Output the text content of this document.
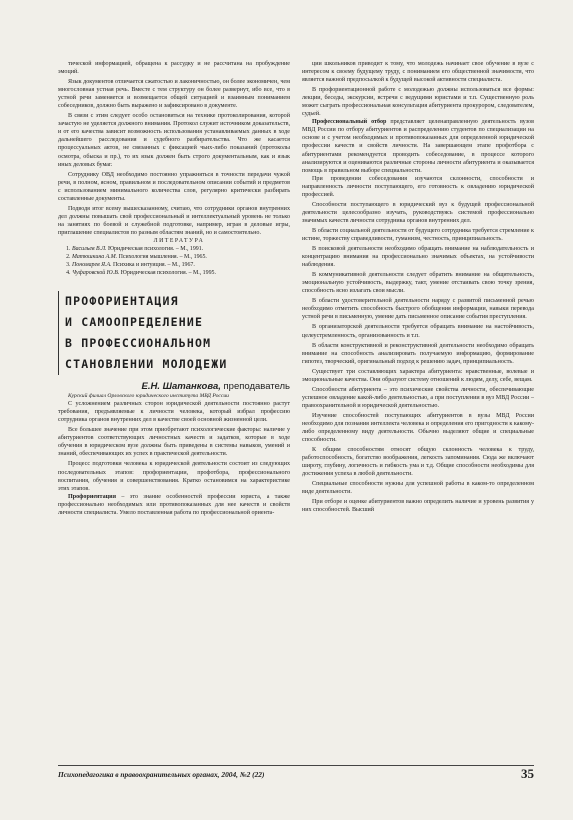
тической информацией, обращена к рассудку и не рассчитана на пробуждение эмоций.

Язык документов отличается сжатостью и лаконичностью, он более экономичен, чем многословная устная речь. Вместе с тем структуру он более развернут, ибо все, что в устной речи заменяется и возмещается общей ситуацией и взаимным пониманием собеседников, должно быть выражено и зафиксировано в документе.

В связи с этим следует особо остановиться на технике протоколирования, которой зачастую не уделяется должного внимания. Протокол служит источником доказательств, и от его качества зависит возможность использования устанавливаемых данных в ходе дальнейшего расследования и судебного разбирательства. Что же касается процессуальных актов, не связанных с фиксацией чьих-либо показаний (протоколы осмотра, обыска и пр.), то их язык должен быть строго документальным, как и язык иных деловых бумаг.

Сотруднику ОВД необходимо постоянно упражняться в точности передачи чужой речи, в полном, ясном, правильном и последовательном описании событий и предметов с использованием минимального количества слов, регулярно критически разбирать составленные документы.

Подводя итог всему вышесказанному, считаю, что сотрудники органов внутренних дел должны повышать свой профессиональный и интеллектуальный уровень не только на занятиях по боевой и служебной подготовке, например, играя в деловые игры, приглашение специалистов по разным областям знаний, но и самостоятельно.

ЛИТЕРАТУРА

1. Васильев В.Л. Юридическая психология. – М., 1991.
2. Матюшкина А.М. Психология мышления. – М., 1965.
3. Пономарев Я.А. Психика и интуиция. – М., 1967.
4. Чуфаровской Ю.В. Юридическая психология. – М., 1995.
ПРОФОРИЕНТАЦИЯ
И САМООПРЕДЕЛЕНИЕ
В ПРОФЕССИОНАЛЬНОМ
СТАНОВЛЕНИИ МОЛОДЕЖИ
Е.Н. Шатанкова, преподаватель

Курский филиал Орловского юридического института МВД России

С усложнением различных сторон юридической деятельности постоянно растут требования, предъявляемые к личности человека, который избрал профессию сотрудника органов внутренних дел в качестве своей основной жизненной цели.

Все большее значение при этом приобретают психологические факторы: наличие у абитуриентов соответствующих личностных качеств и задатков, которые в ходе обучения в юридическом вузе должны быть приведены в системы навыков, умений и знаний, обеспечивающих их успех в практической деятельности.

Процесс подготовки человека к юридической деятельности состоит из следующих последовательных этапов: профориентации, профотбора, профессионального воспитания, обучения и совершенствования. Кратко остановимся на характеристике этих этапов.

Профориентация – это знание особенностей профессии юриста, а также профессионально необходимых или противопоказанных для нее качеств и свойств личности специалиста. Умело поставленная работа по профессиональной ориента-

ции школьников приводит к тому, что молодежь начинает свое обучение в вузе с интересом к своему будущему труду, с пониманием его общественной значимости, что является важной предпосылкой к будущей высокой активности специалиста.

В профориентационной работе с молодежью должны использоваться все формы: лекции, беседы, экскурсии, встречи с ведущими юристами и т.п. Существенную роль может сыграть профессиональная консультация абитуриента прокурором, следователем, судьей.

Профессиональный отбор представляет целенаправленную деятельность вузов МВД России по отбору абитуриентов и распределению студентов по специализации на основе и с учетом необходимых и противопоказанных для определенной юридической профессии качеств и свойств личности. На завершающем этапе профотбора с абитуриентами рекомендуется проводить собеседование, в процессе которого анализируются и оцениваются различные стороны личности абитуриента и оказывается помощь в правильном выборе специальности.

При проведении собеседования изучаются склонности, способности и направленность личности поступающего, его готовность к овладению юридической профессией.

Способности поступающего в юридический вуз к будущей профессиональной деятельности целесообразно изучать, руководствуясь системой профессионально значимых качеств личности сотрудника органов внутренних дел.

В области социальной деятельности от будущего сотрудника требуется стремление к истине, торжеству справедливости, гуманизм, честность, принципиальность.

В поисковой деятельности необходимо обращать внимание на наблюдательность и концентрацию внимания на профессионально значимых объектах, на устойчивости наблюдения.

В коммуникативной деятельности следует обратить внимание на общительность, эмоциональную устойчивость, выдержку, такт, умение отстаивать свою точку зрения, способность ясно излагать свои мысли.

В области удостоверительной деятельности наряду с развитой письменной речью необходимо отметить способность быстрого обобщения информации, навыки перевода устной речи в письменную, умение дать письменное описание события преступления.

В организаторской деятельности требуется обращать внимание на настойчивость, целеустремленность, организованность и т.п.

В области конструктивной и реконструктивной деятельности необходимо обращать внимание на способность анализировать получаемую информацию, формирование гипотез, творческий, оригинальный подход к решению задач, принципиальность.

Существует три составляющих характера абитуриента: нравственные, волевые и эмоциональные качества. Они образуют систему отношений к людям, делу, себе, вещам.

Способности абитуриента – это психические свойства личности, обеспечивающие успешное овладение какой-либо деятельностью, а при поступлении в вуз МВД России – правоохранительной и юридической деятельностью.

Изучение способностей поступающих абитуриентов в вузы МВД России необходимо для познания интеллекта человека и определения его пригодности к какому-либо определенному виду деятельности. Обычно выделяют общие и специальные способности.

К общим способностям относят общую склонность человека к труду, работоспособность, богатство воображения, легкость запоминания. Сюда же включают широту, глубину, логичность и гибкость ума и т.д. Общие способности необходимы для достижения успеха в любой деятельности.

Специальные способности нужны для успешной работы в каком-то определенном виде деятельности.

При отборе и оценке абитуриентов важно определить наличие и уровень развития у них способностей. Высший

Психопедагогика в правоохранительных органах, 2004, №2 (22)	35
